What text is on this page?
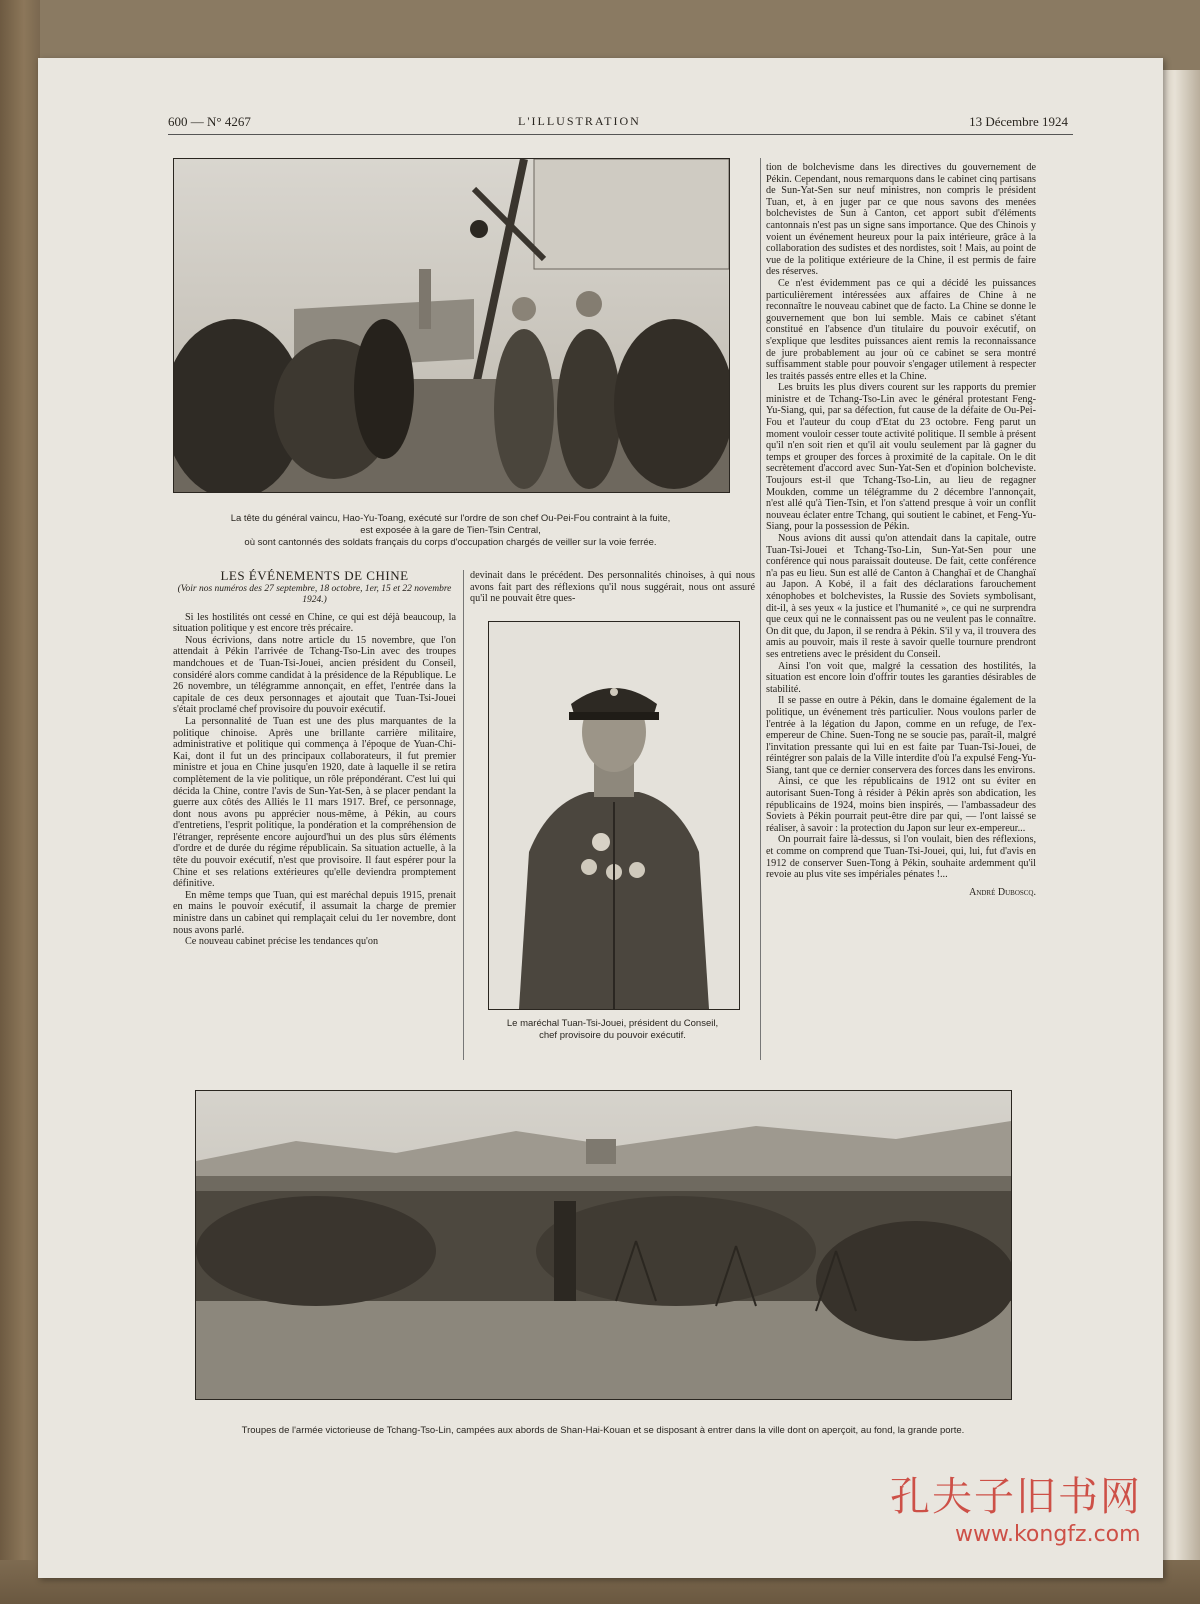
600 — N° 4267	L'ILLUSTRATION	13 Décembre 1924
La tête du général vaincu, Hao-Yu-Toang, exécuté sur l'ordre de son chef Ou-Pei-Fou contraint à la fuite,
est exposée à la gare de Tien-Tsin Central,
où sont cantonnés des soldats français du corps d'occupation chargés de veiller sur la voie ferrée.
LES ÉVÉNEMENTS DE CHINE
(Voir nos numéros des 27 septembre, 18 octobre, 1er, 15 et 22 novembre 1924.)

Si les hostilités ont cessé en Chine, ce qui est déjà beaucoup, la situation politique y est encore très précaire.

Nous écrivions, dans notre article du 15 novembre, que l'on attendait à Pékin l'arrivée de Tchang-Tso-Lin avec des troupes mandchoues et de Tuan-Tsi-Jouei, ancien président du Conseil, considéré alors comme candidat à la présidence de la République. Le 26 novembre, un télégramme annonçait, en effet, l'entrée dans la capitale de ces deux personnages et ajoutait que Tuan-Tsi-Jouei s'était proclamé chef provisoire du pouvoir exécutif.

La personnalité de Tuan est une des plus marquantes de la politique chinoise. Après une brillante carrière militaire, administrative et politique qui commença à l'époque de Yuan-Chi-Kai, dont il fut un des principaux collaborateurs, il fut premier ministre et joua en Chine jusqu'en 1920, date à laquelle il se retira complètement de la vie politique, un rôle prépondérant. C'est lui qui décida la Chine, contre l'avis de Sun-Yat-Sen, à se placer pendant la guerre aux côtés des Alliés le 11 mars 1917. Bref, ce personnage, dont nous avons pu apprécier nous-même, à Pékin, au cours d'entretiens, l'esprit politique, la pondération et la compréhension de l'étranger, représente encore aujourd'hui un des plus sûrs éléments d'ordre et de durée du régime républicain. Sa situation actuelle, à la tête du pouvoir exécutif, n'est que provisoire. Il faut espérer pour la Chine et ses relations extérieures qu'elle deviendra promptement définitive.

En même temps que Tuan, qui est maréchal depuis 1915, prenait en mains le pouvoir exécutif, il assumait la charge de premier ministre dans un cabinet qui remplaçait celui du 1er novembre, dont nous avons parlé.

Ce nouveau cabinet précise les tendances qu'on

devinait dans le précédent. Des personnalités chinoises, à qui nous avons fait part des réflexions qu'il nous suggérait, nous ont assuré qu'il ne pouvait être ques-

Le maréchal Tuan-Tsi-Jouei, président du Conseil,
chef provisoire du pouvoir exécutif.

tion de bolchevisme dans les directives du gouvernement de Pékin. Cependant, nous remarquons dans le cabinet cinq partisans de Sun-Yat-Sen sur neuf ministres, non compris le président Tuan, et, à en juger par ce que nous savons des menées bolchevistes de Sun à Canton, cet apport subit d'éléments cantonnais n'est pas un signe sans importance. Que des Chinois y voient un événement heureux pour la paix intérieure, grâce à la collaboration des sudistes et des nordistes, soit ! Mais, au point de vue de la politique extérieure de la Chine, il est permis de faire des réserves.

Ce n'est évidemment pas ce qui a décidé les puissances particulièrement intéressées aux affaires de Chine à ne reconnaître le nouveau cabinet que de facto. La Chine se donne le gouvernement que bon lui semble. Mais ce cabinet s'étant constitué en l'absence d'un titulaire du pouvoir exécutif, on s'explique que lesdites puissances aient remis la reconnaissance de jure probablement au jour où ce cabinet se sera montré suffisamment stable pour pouvoir s'engager utilement à respecter les traités passés entre elles et la Chine.

Les bruits les plus divers courent sur les rapports du premier ministre et de Tchang-Tso-Lin avec le général protestant Feng-Yu-Siang, qui, par sa défection, fut cause de la défaite de Ou-Pei-Fou et l'auteur du coup d'Etat du 23 octobre. Feng parut un moment vouloir cesser toute activité politique. Il semble à présent qu'il n'en soit rien et qu'il ait voulu seulement par là gagner du temps et grouper des forces à proximité de la capitale. On le dit secrètement d'accord avec Sun-Yat-Sen et d'opinion bolcheviste. Toujours est-il que Tchang-Tso-Lin, au lieu de regagner Moukden, comme un télégramme du 2 décembre l'annonçait, n'est allé qu'à Tien-Tsin, et l'on s'attend presque à voir un conflit nouveau éclater entre Tchang, qui soutient le cabinet, et Feng-Yu-Siang, pour la possession de Pékin.

Nous avions dit aussi qu'on attendait dans la capitale, outre Tuan-Tsi-Jouei et Tchang-Tso-Lin, Sun-Yat-Sen pour une conférence qui nous paraissait douteuse. De fait, cette conférence n'a pas eu lieu. Sun est allé de Canton à Changhaï et de Changhaï au Japon. A Kobé, il a fait des déclarations farouchement xénophobes et bolchevistes, la Russie des Soviets symbolisant, dit-il, à ses yeux « la justice et l'humanité », ce qui ne surprendra que ceux qui ne le connaissent pas ou ne veulent pas le connaître. On dit que, du Japon, il se rendra à Pékin. S'il y va, il trouvera des amis au pouvoir, mais il reste à savoir quelle tournure prendront ses entretiens avec le président du Conseil.

Ainsi l'on voit que, malgré la cessation des hostilités, la situation est encore loin d'offrir toutes les garanties désirables de stabilité.

Il se passe en outre à Pékin, dans le domaine également de la politique, un événement très particulier. Nous voulons parler de l'entrée à la légation du Japon, comme en un refuge, de l'ex-empereur de Chine. Suen-Tong ne se soucie pas, paraît-il, malgré l'invitation pressante qui lui en est faite par Tuan-Tsi-Jouei, de réintégrer son palais de la Ville interdite d'où l'a expulsé Feng-Yu-Siang, tant que ce dernier conservera des forces dans les environs.

Ainsi, ce que les républicains de 1912 ont su éviter en autorisant Suen-Tong à résider à Pékin après son abdication, les républicains de 1924, moins bien inspirés, — l'ambassadeur des Soviets à Pékin pourrait peut-être dire par qui, — l'ont laissé se réaliser, à savoir : la protection du Japon sur leur ex-empereur...

On pourrait faire là-dessus, si l'on voulait, bien des réflexions, et comme on comprend que Tuan-Tsi-Jouei, qui, lui, fut d'avis en 1912 de conserver Suen-Tong à Pékin, souhaite ardemment qu'il revoie au plus vite ses impériales pénates !...

André Duboscq.
Troupes de l'armée victorieuse de Tchang-Tso-Lin, campées aux abords de Shan-Hai-Kouan et se disposant à entrer dans la ville dont on aperçoit, au fond, la grande porte.
孔夫子旧书网
www.kongfz.com
